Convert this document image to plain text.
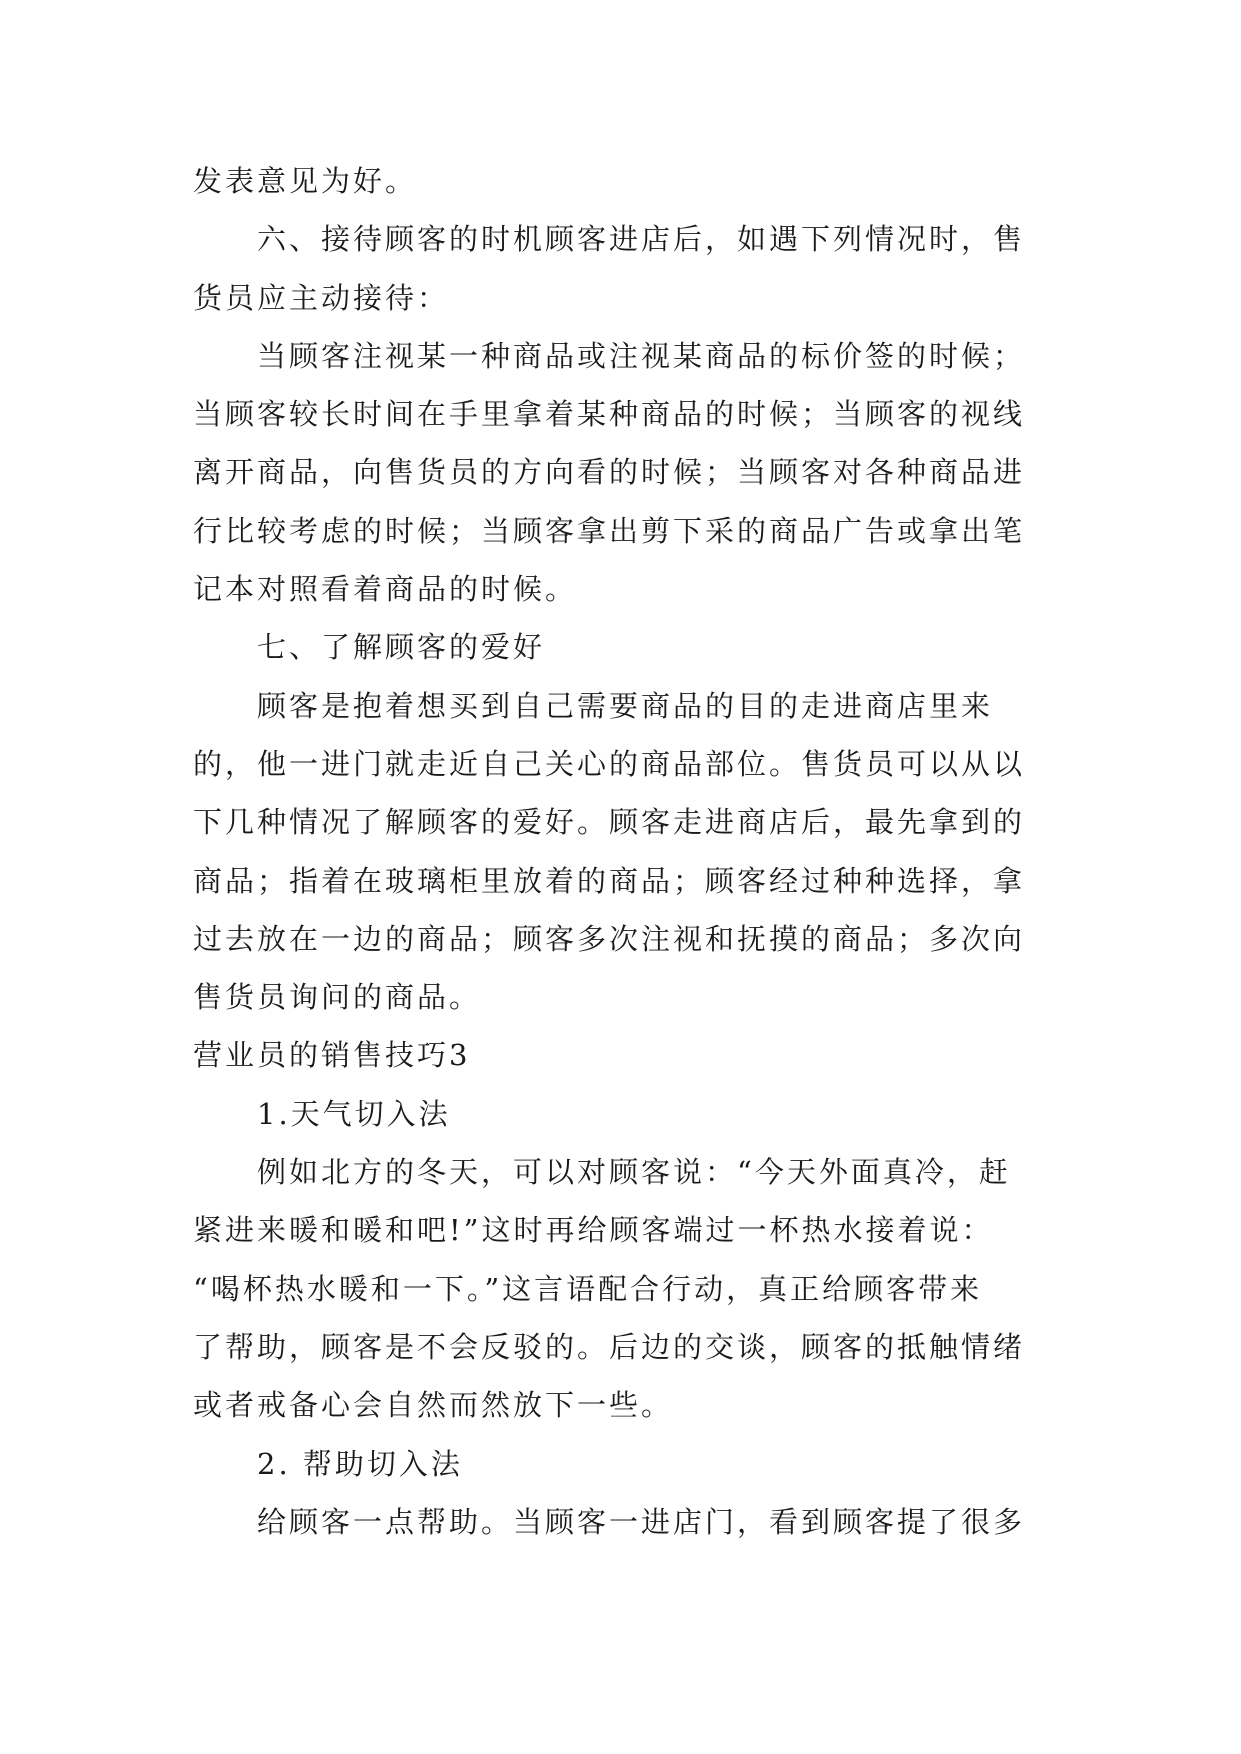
发表意见为好。
六、接待顾客的时机顾客进店后，如遇下列情况时，售
货员应主动接待：
当顾客注视某一种商品或注视某商品的标价签的时候；
当顾客较长时间在手里拿着某种商品的时候；当顾客的视线
离开商品，向售货员的方向看的时候；当顾客对各种商品进
行比较考虑的时候；当顾客拿出剪下采的商品广告或拿出笔
记本对照看着商品的时候。
七、了解顾客的爱好
顾客是抱着想买到自己需要商品的目的走进商店里来
的，他一进门就走近自己关心的商品部位。售货员可以从以
下几种情况了解顾客的爱好。顾客走进商店后，最先拿到的
商品；指着在玻璃柜里放着的商品；顾客经过种种选择，拿
过去放在一边的商品；顾客多次注视和抚摸的商品；多次向
售货员询问的商品。
营业员的销售技巧3
1.天气切入法
例如北方的冬天，可以对顾客说：“今天外面真冷，赶
紧进来暖和暖和吧!”这时再给顾客端过一杯热水接着说：
“喝杯热水暖和一下。”这言语配合行动，真正给顾客带来
了帮助，顾客是不会反驳的。后边的交谈，顾客的抵触情绪
或者戒备心会自然而然放下一些。
2. 帮助切入法
给顾客一点帮助。当顾客一进店门，看到顾客提了很多
